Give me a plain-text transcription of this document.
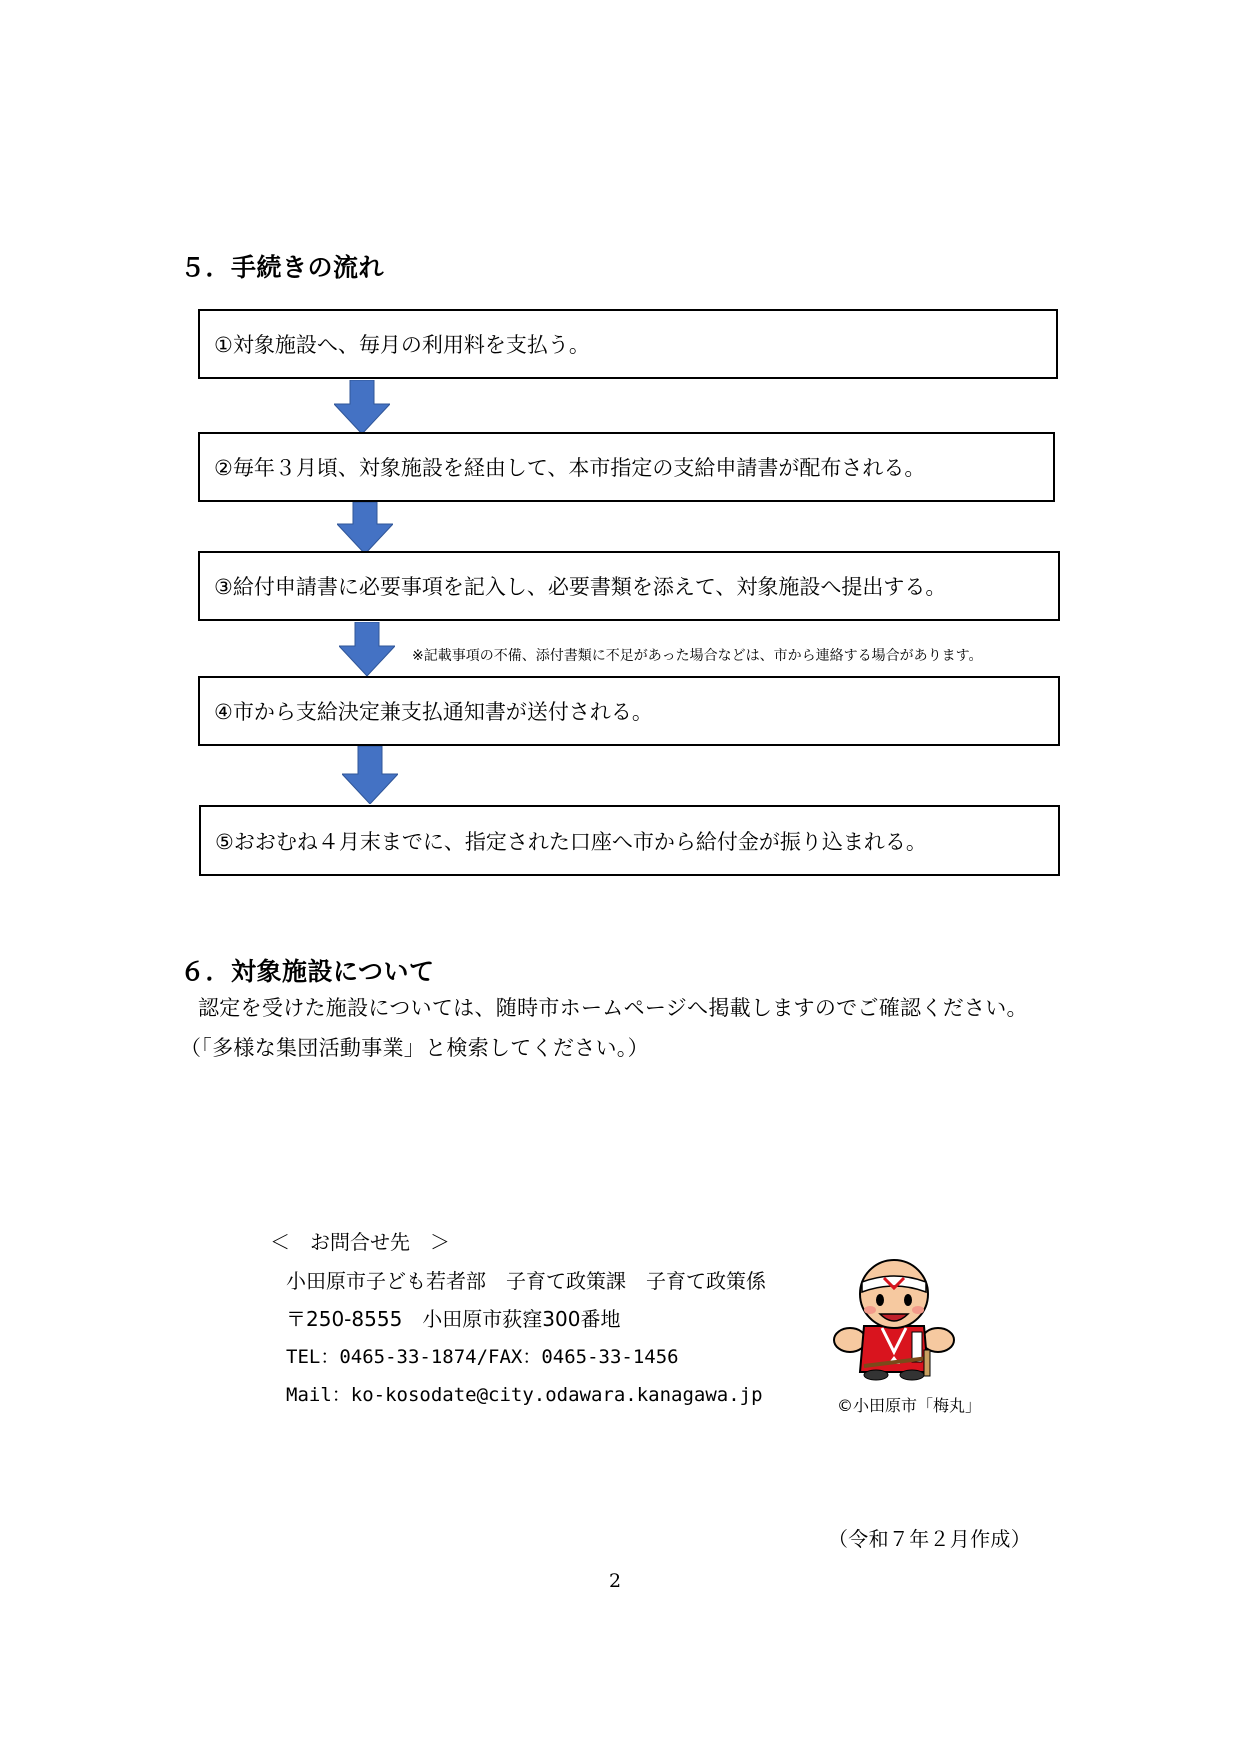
５．手続きの流れ
①対象施設へ、毎月の利用料を支払う。
②毎年３月頃、対象施設を経由して、本市指定の支給申請書が配布される。
③給付申請書に必要事項を記入し、必要書類を添えて、対象施設へ提出する。
※記載事項の不備、添付書類に不足があった場合などは、市から連絡する場合があります。
④市から支給決定兼支払通知書が送付される。
⑤おおむね４月末までに、指定された口座へ市から給付金が振り込まれる。
６．対象施設について
認定を受けた施設については、随時市ホームページへ掲載しますのでご確認ください。
（「多様な集団活動事業」と検索してください。）
＜　お問合せ先　＞
小田原市子ども若者部　子育て政策課　子育て政策係
〒250-8555　小田原市荻窪300番地
TEL：0465-33-1874/FAX：0465-33-1456
Mail：ko-kosodate@city.odawara.kanagawa.jp	©小田原市「梅丸」
（令和７年２月作成）
2
